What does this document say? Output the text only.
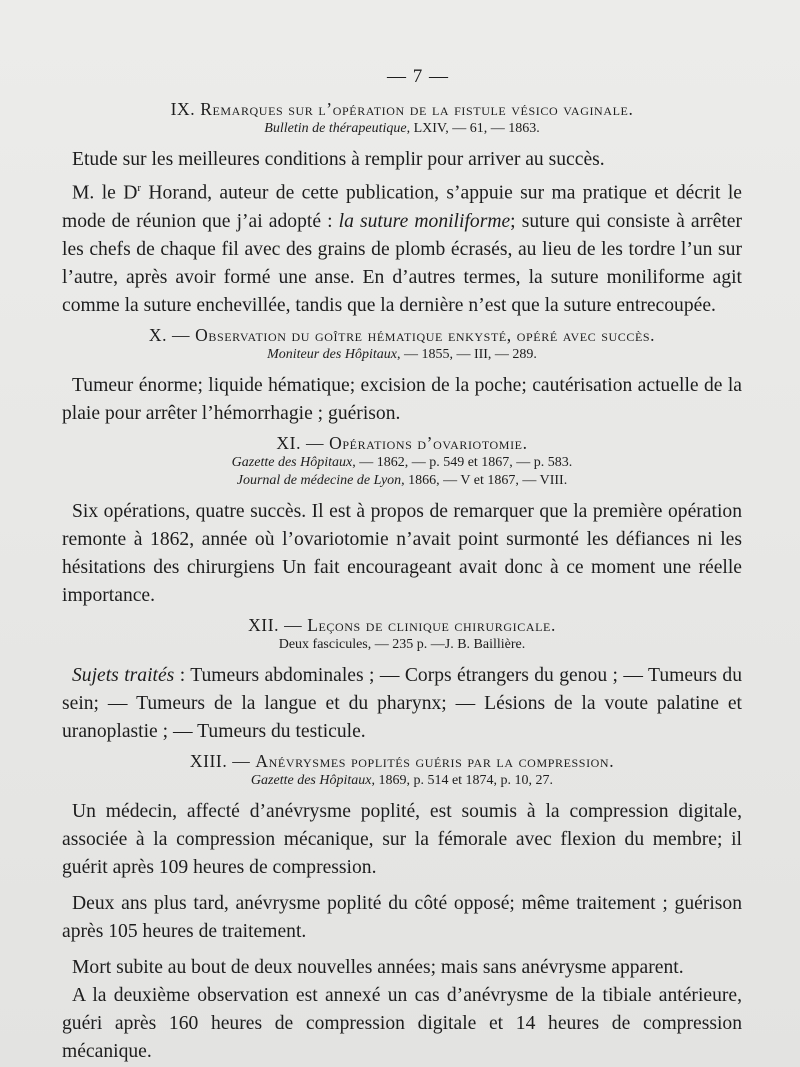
— 7 —

IX. Remarques sur l’opération de la fistule vésico vaginale.

Bulletin de thérapeutique, LXIV, — 61, — 1863.

Etude sur les meilleures conditions à remplir pour arriver au succès.

M. le $D^r$ Horand, auteur de cette publication, s’appuie sur ma pratique et décrit le mode de réunion que j’ai adopté : la suture moniliforme; suture qui consiste à arrêter les chefs de chaque fil avec des grains de plomb écrasés, au lieu de les tordre l’un sur l’autre, après avoir formé une anse. En d’autres termes, la suture moniliforme agit comme la suture enchevillée, tandis que la dernière n’est que la suture entrecoupée.

X. — Observation du goître hématique enkysté, opéré avec succès.

Moniteur des Hôpitaux, — 1855, — III, — 289.

Tumeur énorme; liquide hématique; excision de la poche; cautérisation actuelle de la plaie pour arrêter l’hémorrhagie ; guérison.

XI. — Opérations d’ovariotomie.

Gazette des Hôpitaux, — 1862, — p. 549 et 1867, — p. 583.

Journal de médecine de Lyon, 1866, — V et 1867, — VIII.

Six opérations, quatre succès. Il est à propos de remarquer que la première opération remonte à 1862, année où l’ovariotomie n’avait point surmonté les défiances ni les hésitations des chirurgiens Un fait encourageant avait donc à ce moment une réelle importance.

XII. — Leçons de clinique chirurgicale.

Deux fascicules, — 235 p. —J. B. Baillière.

Sujets traités : Tumeurs abdominales ; — Corps étrangers du genou ; — Tumeurs du sein; — Tumeurs de la langue et du pharynx; — Lésions de la voute palatine et uranoplastie ; — Tumeurs du testicule.

XIII. — Anévrysmes poplités guéris par la compression.

Gazette des Hôpitaux, 1869, p. 514 et 1874, p. 10, 27.

Un médecin, affecté d’anévrysme poplité, est soumis à la compression digitale, associée à la compression mécanique, sur la fémorale avec flexion du membre; il guérit après 109 heures de compression.

Deux ans plus tard, anévrysme poplité du côté opposé; même traitement ; guérison après 105 heures de traitement.

Mort subite au bout de deux nouvelles années; mais sans anévrysme apparent.

A la deuxième observation est annexé un cas d’anévrysme de la tibiale antérieure, guéri après 160 heures de compression digitale et 14 heures de compression mécanique.
